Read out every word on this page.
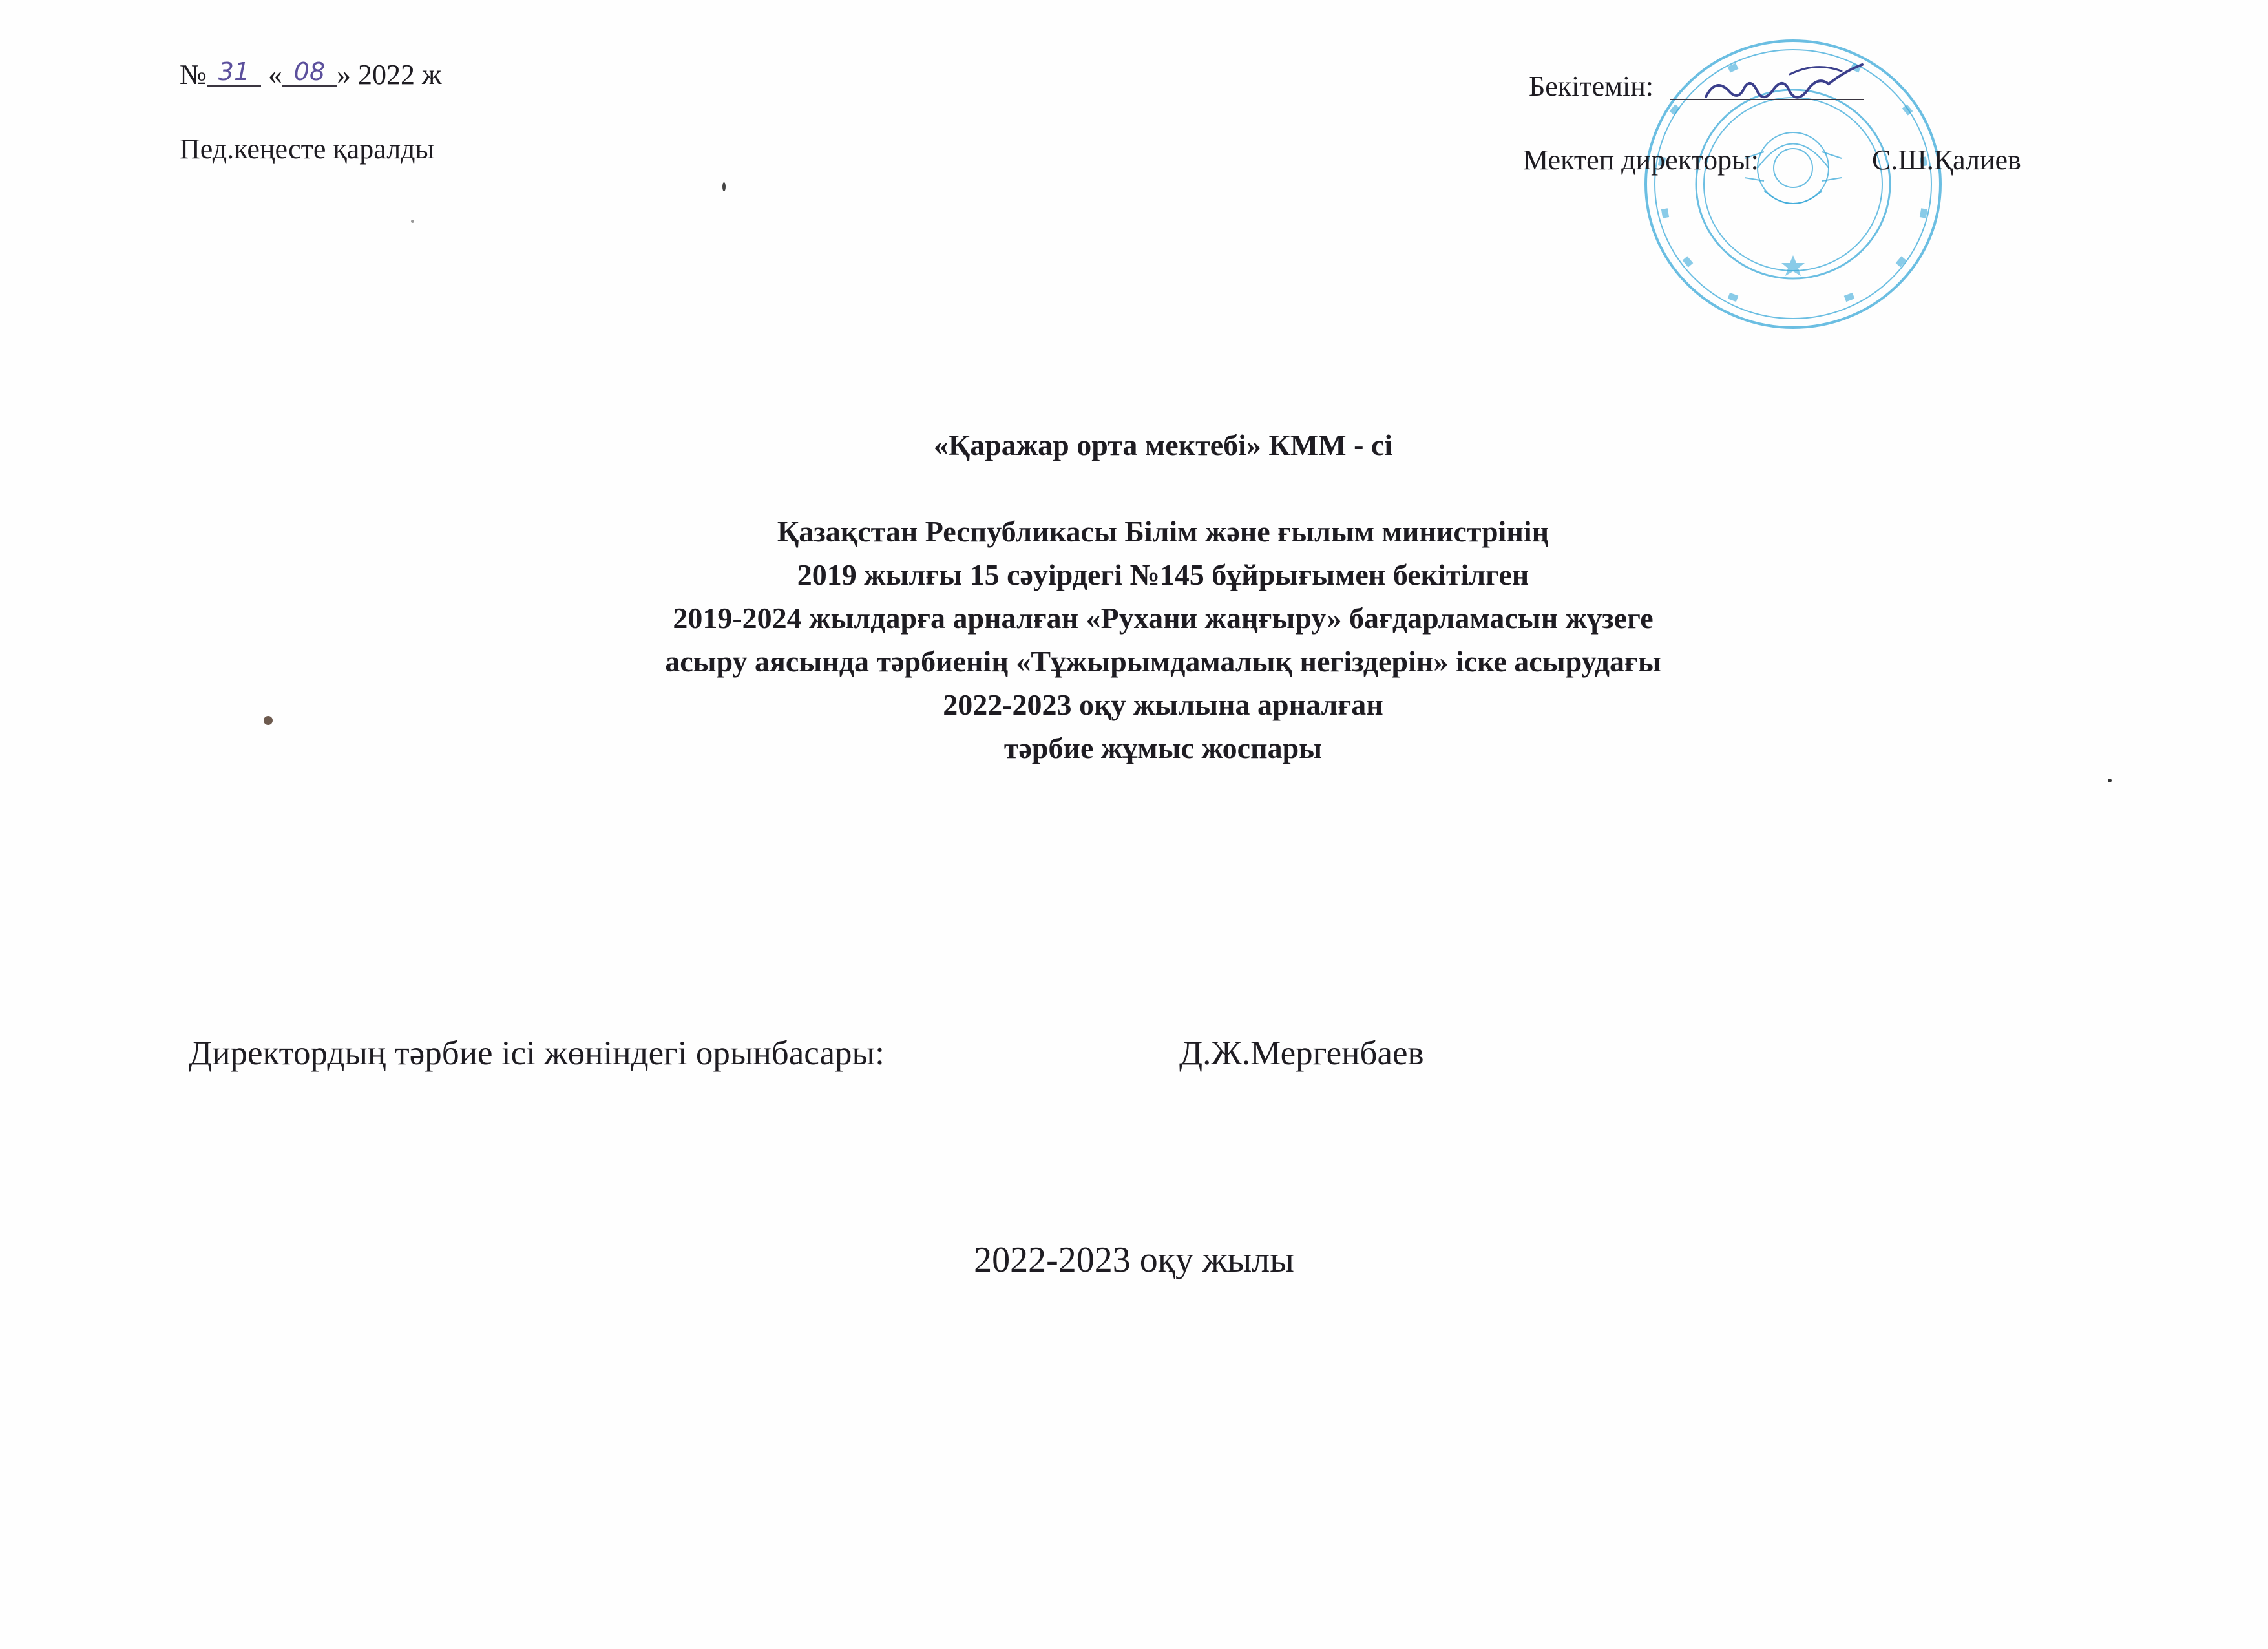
№ 31 « 08 » 2022 ж
Пед.кеңесте қаралды
Бекітемін:
Мектеп директоры:	С.Ш.Қалиев
«Қаражар орта мектебі» КММ - сі
Қазақстан Республикасы Білім және ғылым министрінің
2019 жылғы 15 сәуірдегі №145 бұйрығымен бекітілген
2019-2024 жылдарға арналған «Рухани жаңғыру» бағдарламасын жүзеге
асыру аясында тәрбиенің «Тұжырымдамалық негіздерін» іске асырудағы
2022-2023 оқу жылына арналған
тәрбие жұмыс жоспары
Директордың тәрбие ісі жөніндегі орынбасары:	Д.Ж.Мергенбаев
2022-2023 оқу жылы
